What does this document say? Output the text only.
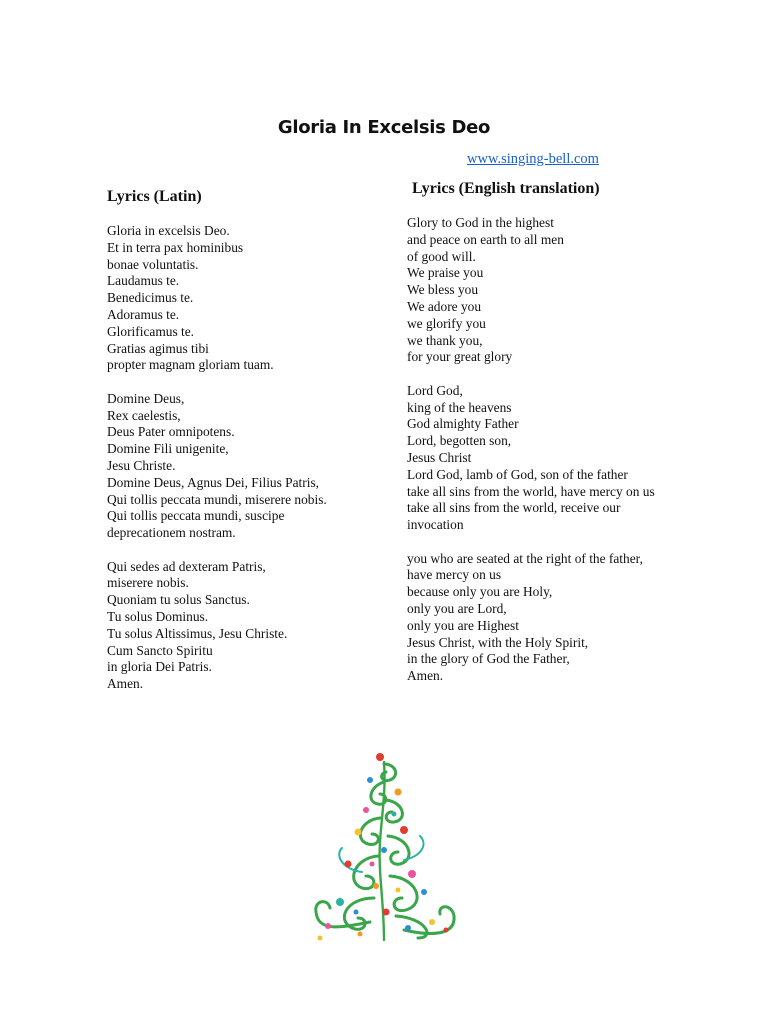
Gloria In Excelsis Deo
www.singing-bell.com
Lyrics (Latin)	Lyrics (English translation)
Gloria in excelsis Deo.
Et in terra pax hominibus
bonae voluntatis.
Laudamus te.
Benedicimus te.
Adoramus te.
Glorificamus te.
Gratias agimus tibi
propter magnam gloriam tuam.
Domine Deus,
Rex caelestis,
Deus Pater omnipotens.
Domine Fili unigenite,
Jesu Christe.
Domine Deus, Agnus Dei, Filius Patris,
Qui tollis peccata mundi, miserere nobis.
Qui tollis peccata mundi, suscipe
deprecationem nostram.
Qui sedes ad dexteram Patris,
miserere nobis.
Quoniam tu solus Sanctus.
Tu solus Dominus.
Tu solus Altissimus, Jesu Christe.
Cum Sancto Spiritu
in gloria Dei Patris.
Amen.
Glory to God in the highest
and peace on earth to all men
of good will.
We praise you
We bless you
We adore you
we glorify you
we thank you,
for your great glory
Lord God,
king of the heavens
God almighty Father
Lord, begotten son,
Jesus Christ
Lord God, lamb of God, son of the father
take all sins from the world, have mercy on us
take all sins from the world, receive our
invocation
you who are seated at the right of the father,
have mercy on us
because only you are Holy,
only you are Lord,
only you are Highest
Jesus Christ, with the Holy Spirit,
in the glory of God the Father,
Amen.
